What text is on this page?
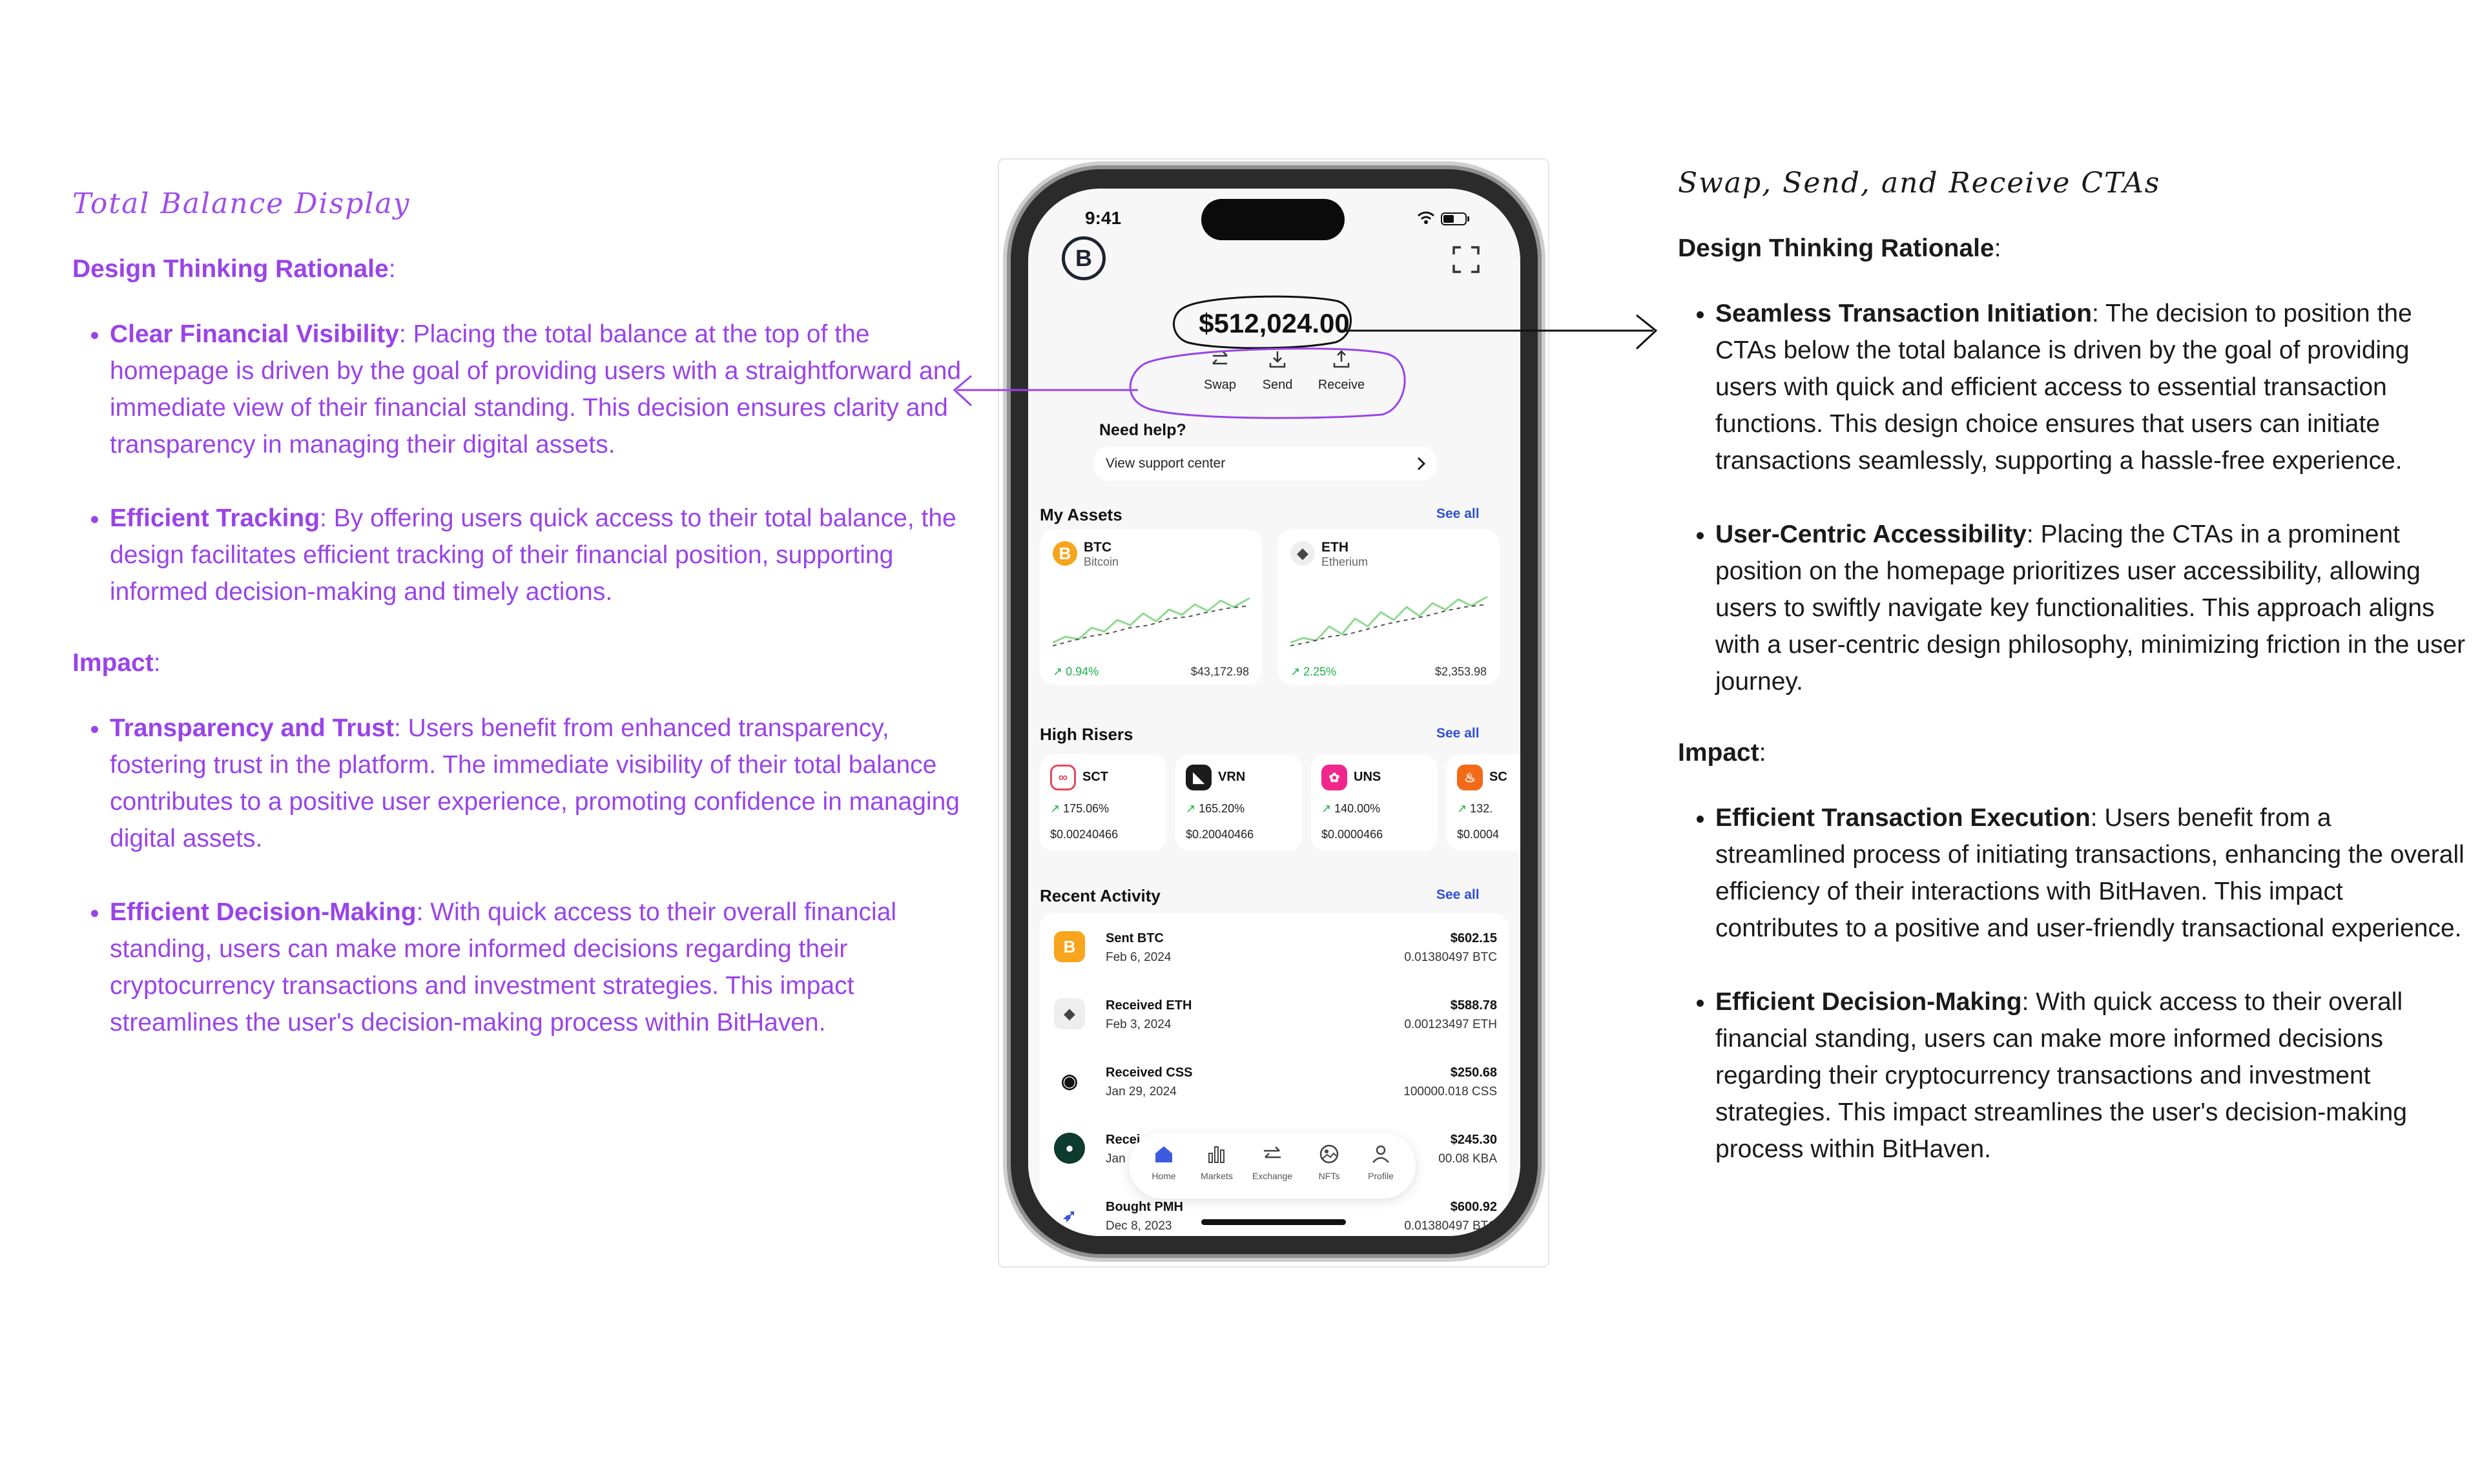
Total Balance Display
Design Thinking Rationale:
• Clear Financial Visibility: Placing the total balance at the top of the homepage is driven by the goal of providing users with a straightforward and immediate view of their financial standing. This decision ensures clarity and transparency in managing their digital assets.
• Efficient Tracking: By offering users quick access to their total balance, the design facilitates efficient tracking of their financial position, supporting informed decision-making and timely actions.
Impact:
• Transparency and Trust: Users benefit from enhanced transparency, fostering trust in the platform. The immediate visibility of their total balance contributes to a positive user experience, promoting confidence in managing digital assets.
• Efficient Decision-Making: With quick access to their overall financial standing, users can make more informed decisions regarding their cryptocurrency transactions and investment strategies. This impact streamlines the user's decision-making process within BitHaven.
Swap, Send, and Receive CTAs
Design Thinking Rationale:
• Seamless Transaction Initiation: The decision to position the CTAs below the total balance is driven by the goal of providing users with quick and efficient access to essential transaction functions. This design choice ensures that users can initiate transactions seamlessly, supporting a hassle-free experience.
• User-Centric Accessibility: Placing the CTAs in a prominent position on the homepage prioritizes user accessibility, allowing users to swiftly navigate key functionalities. This approach aligns with a user-centric design philosophy, minimizing friction in the user journey.
Impact:
• Efficient Transaction Execution: Users benefit from a streamlined process of initiating transactions, enhancing the overall efficiency of their interactions with BitHaven. This impact contributes to a positive and user-friendly transactional experience.
• Efficient Decision-Making: With quick access to their overall financial standing, users can make more informed decisions regarding their cryptocurrency transactions and investment strategies. This impact streamlines the user's decision-making process within BitHaven.
9:41
B
$512,024.00
Swap	Send	Receive
Need help?
View support center
My Assets	See all
B BTC
Bitcoin
↗ 0.94%	$43,172.98
◆ ETH
Etherium
↗ 2.25%	$2,353.98
High Risers	See all
∞	SCT
↗ 175.06%
$0.00240466
◣	VRN
↗ 165.20%
$0.20040466
✿	UNS
↗ 140.00%
$0.0000466
♨	SC
↗ 132.
$0.0004
Recent Activity	See all
B	Sent BTC
Feb 6, 2024
$602.15
0.01380497 BTC
◆	Received ETH
Feb 3, 2024
$588.78
0.00123497 ETH
◉	Received CSS
Jan 29, 2024
$250.68
100000.018 CSS
●	Recei
Jan
$245.30
00.08 KBA
➶	Bought PMH
Dec 8, 2023
$600.92
0.01380497 BTC
Home	Markets	Exchange	NFTs	Profile
